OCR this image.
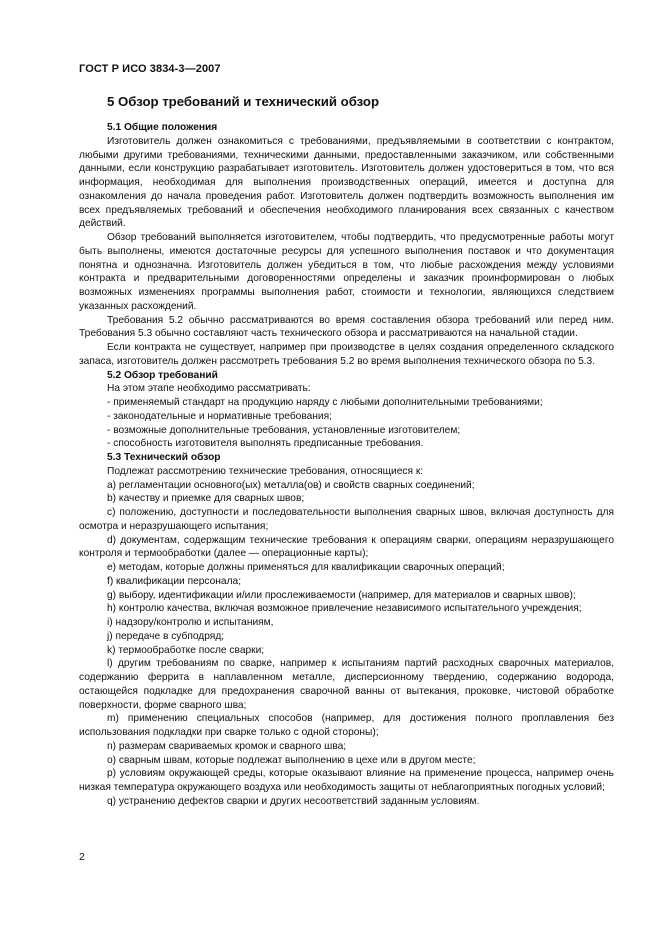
ГОСТ Р ИСО 3834-3—2007
5 Обзор требований и технический обзор

5.1 Общие положения

Изготовитель должен ознакомиться с требованиями, предъявляемыми в соответствии с контрактом, любыми другими требованиями, техническими данными, предоставленными заказчиком, или собственными данными, если конструкцию разрабатывает изготовитель. Изготовитель должен удостовериться в том, что вся информация, необходимая для выполнения производственных операций, имеется и доступна для ознакомления до начала проведения работ. Изготовитель должен подтвердить возможность выполнения им всех предъявляемых требований и обеспечения необходимого планирования всех связанных с качеством действий.

Обзор требований выполняется изготовителем, чтобы подтвердить, что предусмотренные работы могут быть выполнены, имеются достаточные ресурсы для успешного выполнения поставок и что документация понятна и однозначна. Изготовитель должен убедиться в том, что любые расхождения между условиями контракта и предварительными договоренностями определены и заказчик проинформирован о любых возможных изменениях программы выполнения работ, стоимости и технологии, являющихся следствием указанных расхождений.

Требования 5.2 обычно рассматриваются во время составления обзора требований или перед ним. Требования 5.3 обычно составляют часть технического обзора и рассматриваются на начальной стадии.

Если контракта не существует, например при производстве в целях создания определенного складского запаса, изготовитель должен рассмотреть требования 5.2 во время выполнения технического обзора по 5.3.

5.2 Обзор требований

На этом этапе необходимо рассматривать:

- применяемый стандарт на продукцию наряду с любыми дополнительными требованиями;

- законодательные и нормативные требования;

- возможные дополнительные требования, установленные изготовителем;

- способность изготовителя выполнять предписанные требования.

5.3 Технический обзор

Подлежат рассмотрению технические требования, относящиеся к:

a) регламентации основного(ых) металла(ов) и свойств сварных соединений;

b) качеству и приемке для сварных швов;

c) положению, доступности и последовательности выполнения сварных швов, включая доступность для осмотра и неразрушающего испытания;

d) документам, содержащим технические требования к операциям сварки, операциям неразрушающего контроля и термообработки (далее — операционные карты);

e) методам, которые должны применяться для квалификации сварочных операций;

f) квалификации персонала;

g) выбору, идентификации и/или прослеживаемости (например, для материалов и сварных швов);

h) контролю качества, включая возможное привлечение независимого испытательного учреждения;

i) надзору/контролю и испытаниям,

j) передаче в субподряд;

k) термообработке после сварки;

l) другим требованиям по сварке, например к испытаниям партий расходных сварочных материалов, содержанию феррита в наплавленном металле, дисперсионному твердению, содержанию водорода, остающейся подкладке для предохранения сварочной ванны от вытекания, проковке, чистовой обработке поверхности, форме сварного шва;

m) применению специальных способов (например, для достижения полного проплавления без использования подкладки при сварке только с одной стороны);

n) размерам свариваемых кромок и сварного шва;

o) сварным швам, которые подлежат выполнению в цехе или в другом месте;

p) условиям окружающей среды, которые оказывают влияние на применение процесса, например очень низкая температура окружающего воздуха или необходимость защиты от неблагоприятных погодных условий;

q) устранению дефектов сварки и других несоответствий заданным условиям.

2
